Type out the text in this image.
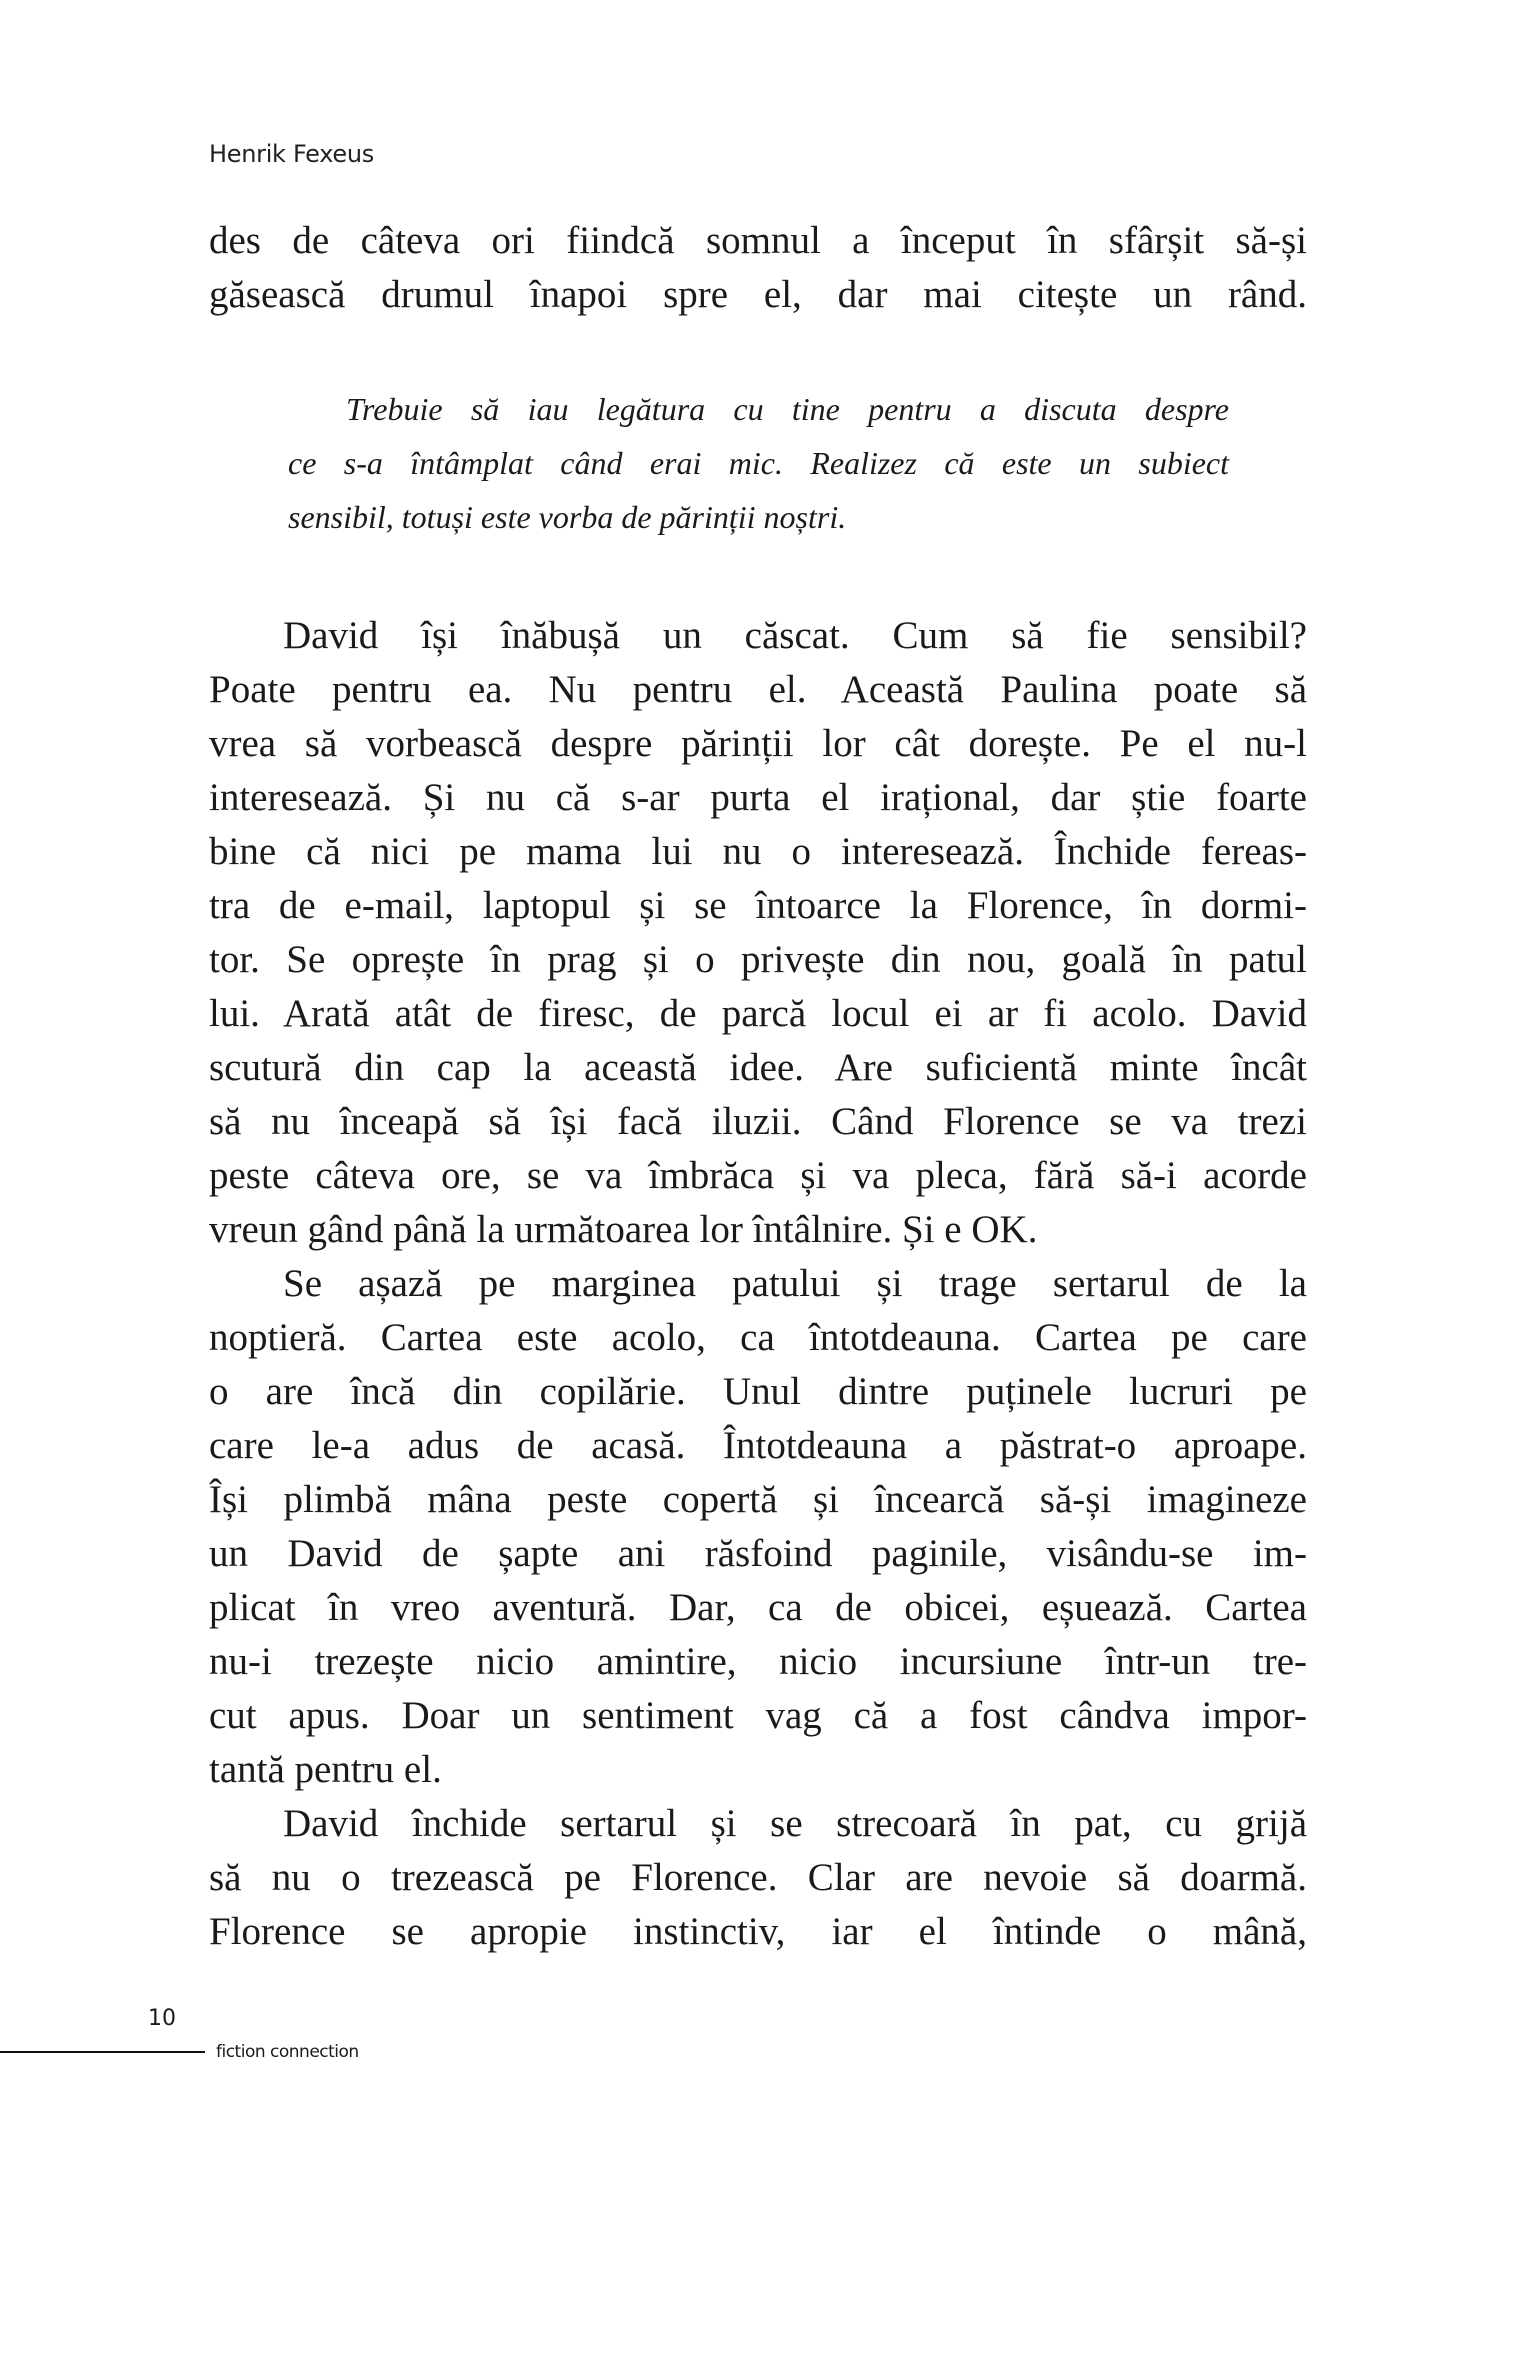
Henrik Fexeus
des de câteva ori fiindcă somnul a început în sfârșit să-și
găsească drumul înapoi spre el, dar mai citește un rând.
Trebuie să iau legătura cu tine pentru a discuta despre
ce s-a întâmplat când erai mic. Realizez că este un subiect
sensibil, totuși este vorba de părinții noștri.
David își înăbușă un căscat. Cum să fie sensibil?
Poate pentru ea. Nu pentru el. Această Paulina poate să
vrea să vorbească despre părinții lor cât dorește. Pe el nu-l
interesează. Și nu că s-ar purta el irațional, dar știe foarte
bine că nici pe mama lui nu o interesează. Închide fereas-
tra de e-mail, laptopul și se întoarce la Florence, în dormi-
tor. Se oprește în prag și o privește din nou, goală în patul
lui. Arată atât de firesc, de parcă locul ei ar fi acolo. David
scutură din cap la această idee. Are suficientă minte încât
să nu înceapă să își facă iluzii. Când Florence se va trezi
peste câteva ore, se va îmbrăca și va pleca, fără să-i acorde
vreun gând până la următoarea lor întâlnire. Și e OK.
Se așază pe marginea patului și trage sertarul de la
noptieră. Cartea este acolo, ca întotdeauna. Cartea pe care
o are încă din copilărie. Unul dintre puținele lucruri pe
care le-a adus de acasă. Întotdeauna a păstrat-o aproape.
Își plimbă mâna peste copertă și încearcă să-și imagineze
un David de șapte ani răsfoind paginile, visându-se im-
plicat în vreo aventură. Dar, ca de obicei, eșuează. Cartea
nu-i trezește nicio amintire, nicio incursiune într-un tre-
cut apus. Doar un sentiment vag că a fost cândva impor-
tantă pentru el.
David închide sertarul și se strecoară în pat, cu grijă
să nu o trezească pe Florence. Clar are nevoie să doarmă.
Florence se apropie instinctiv, iar el întinde o mână,
10
fiction connection
